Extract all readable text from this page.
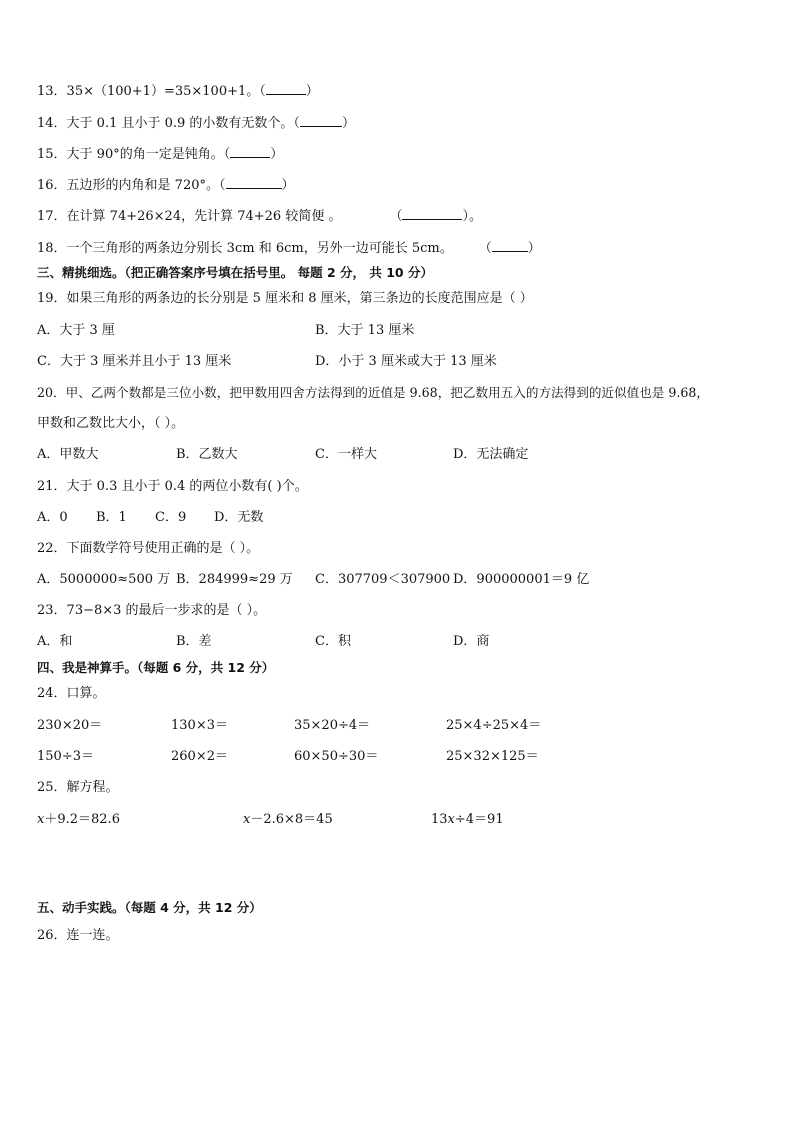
13．35×（100+1）=35×100+1。（	）
14．大于 0.1 且小于 0.9 的小数有无数个。（	）
15．大于 90°的角一定是钝角。（	）
16．五边形的内角和是 720°。（	）
17．在计算 74+26×24，先计算 74+26 较简便 。	（	）。
18．一个三角形的两条边分别长 3cm 和 6cm，另外一边可能长 5cm。 （	）
三、精挑细选。（把正确答案序号填在括号里。 每题 2 分， 共 10 分）
19．如果三角形的两条边的长分别是 5 厘米和 8 厘米，第三条边的长度范围应是（ ）
A．大于 3 厘	B．大于 13 厘米
C．大于 3 厘米并且小于 13 厘米	D．小于 3 厘米或大于 13 厘米
20．甲、乙两个数都是三位小数，把甲数用四舍方法得到的近值是 9.68，把乙数用五入的方法得到的近似值也是 9.68，
甲数和乙数比大小，（ ）。
A．甲数大	B．乙数大	C．一样大	D．无法确定
21．大于 0.3 且小于 0.4 的两位小数有( )个。
A．0 B．1 C．9 D．无数
22．下面数学符号使用正确的是（ ）。
A．5000000≈500 万 B．284999≈29 万 C．307709＜307900 D．900000001＝9 亿
23．73−8×3 的最后一步求的是（ ）。
A．和	B．差	C．积	D．商
四、我是神算手。（每题 6 分，共 12 分）
24．口算。
230×20＝	130×3＝	35×20÷4＝	25×4÷25×4＝
150÷3＝	260×2＝	60×50÷30＝	25×32×125＝
25．解方程。
x＋9.2＝82.6	x－2.6×8＝45	13x÷4＝91
五、动手实践。（每题 4 分，共 12 分）
26．连一连。
